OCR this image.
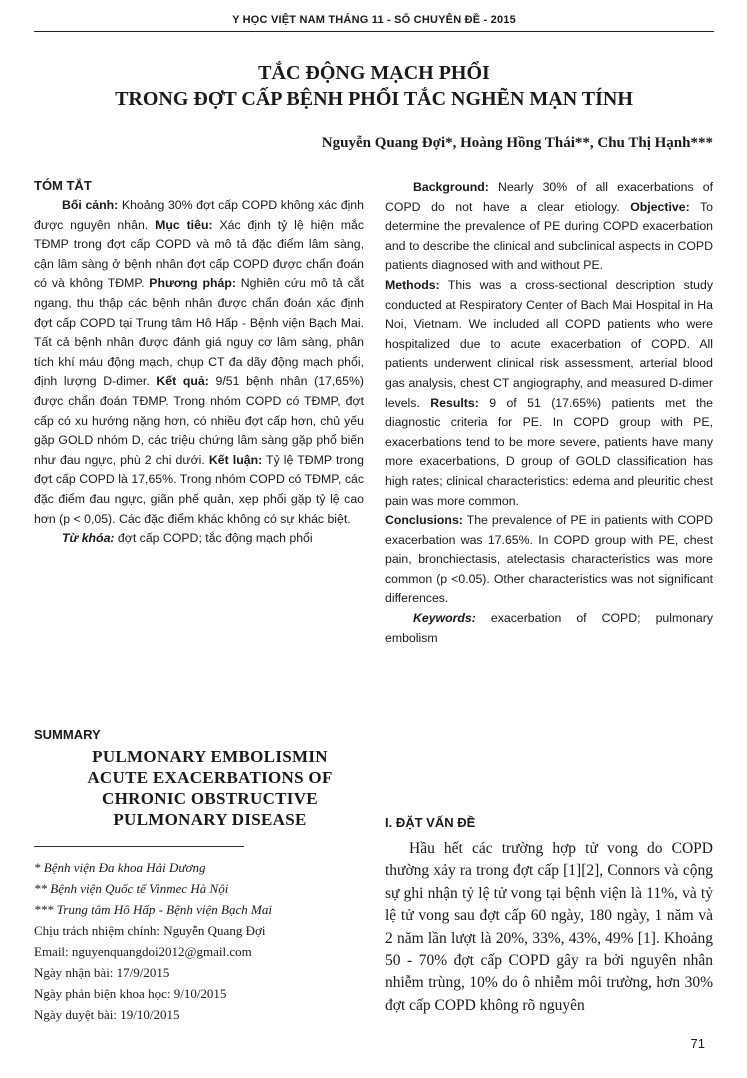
Y HỌC VIỆT NAM THÁNG 11 - SỐ CHUYÊN ĐỀ - 2015
TẮC ĐỘNG MẠCH PHỔI
TRONG ĐỢT CẤP BỆNH PHỔI TẮC NGHẼN MẠN TÍNH
Nguyễn Quang Đợi*, Hoàng Hồng Thái**, Chu Thị Hạnh***

TÓM TẮT

Bối cảnh: Khoảng 30% đợt cấp COPD không xác định được nguyên nhân. Mục tiêu: Xác định tỷ lệ hiện mắc TĐMP trong đợt cấp COPD và mô tả đặc điểm lâm sàng, cận lâm sàng ở bệnh nhân đợt cấp COPD được chẩn đoán có và không TĐMP. Phương pháp: Nghiên cứu mô tả cắt ngang, thu thập các bệnh nhân được chẩn đoán xác định đợt cấp COPD tại Trung tâm Hô Hấp - Bệnh viện Bạch Mai. Tất cả bệnh nhân được đánh giá nguy cơ lâm sàng, phân tích khí máu động mạch, chụp CT đa dãy động mạch phổi, định lượng D-dimer. Kết quả: 9/51 bệnh nhân (17,65%) được chẩn đoán TĐMP. Trong nhóm COPD có TĐMP, đợt cấp có xu hướng nặng hơn, có nhiều đợt cấp hơn, chủ yếu gặp GOLD nhóm D, các triệu chứng lâm sàng gặp phổ biến như đau ngực, phù 2 chi dưới. Kết luận: Tỷ lệ TĐMP trong đợt cấp COPD là 17,65%. Trong nhóm COPD có TĐMP, các đặc điểm đau ngực, giãn phế quản, xẹp phổi gặp tỷ lệ cao hơn (p < 0,05). Các đặc điểm khác không có sự khác biệt.

Từ khóa: đợt cấp COPD; tắc động mạch phổi

SUMMARY
PULMONARY EMBOLISMIN
ACUTE EXACERBATIONS OF
CHRONIC OBSTRUCTIVE
PULMONARY DISEASE
* Bệnh viện Đa khoa Hải Dương
** Bệnh viện Quốc tế Vinmec Hà Nội
*** Trung tâm Hô Hấp - Bệnh viện Bạch Mai
Chịu trách nhiệm chính: Nguyễn Quang Đợi
Email: nguyenquangdoi2012@gmail.com
Ngày nhận bài: 17/9/2015
Ngày phản biện khoa học: 9/10/2015
Ngày duyệt bài: 19/10/2015

Background: Nearly 30% of all exacerbations of COPD do not have a clear etiology. Objective: To determine the prevalence of PE during COPD exacerbation and to describe the clinical and subclinical aspects in COPD patients diagnosed with and without PE.

Methods: This was a cross-sectional description study conducted at Respiratory Center of Bach Mai Hospital in Ha Noi, Vietnam. We included all COPD patients who were hospitalized due to acute exacerbation of COPD. All patients underwent clinical risk assessment, arterial blood gas analysis, chest CT angiography, and measured D-dimer levels. Results: 9 of 51 (17.65%) patients met the diagnostic criteria for PE. In COPD group with PE, exacerbations tend to be more severe, patients have many more exacerbations, D group of GOLD classification has high rates; clinical characteristics: edema and pleuritic chest pain was more common.

Conclusions: The prevalence of PE in patients with COPD exacerbation was 17.65%. In COPD group with PE, chest pain, bronchiectasis, atelectasis characteristics was more common (p <0.05). Other characteristics was not significant differences.

Keywords: exacerbation of COPD; pulmonary embolism

I. ĐẶT VẤN ĐỀ
Hầu hết các trường hợp tử vong do COPD thường xảy ra trong đợt cấp [1][2], Connors và cộng sự ghi nhận tỷ lệ tử vong tại bệnh viện là 11%, và tỷ lệ tử vong sau đợt cấp 60 ngày, 180 ngày, 1 năm và 2 năm lần lượt là 20%, 33%, 43%, 49% [1]. Khoảng 50 - 70% đợt cấp COPD gây ra bởi nguyên nhân nhiễm trùng, 10% do ô nhiễm môi trường, hơn 30% đợt cấp COPD không rõ nguyên
71
